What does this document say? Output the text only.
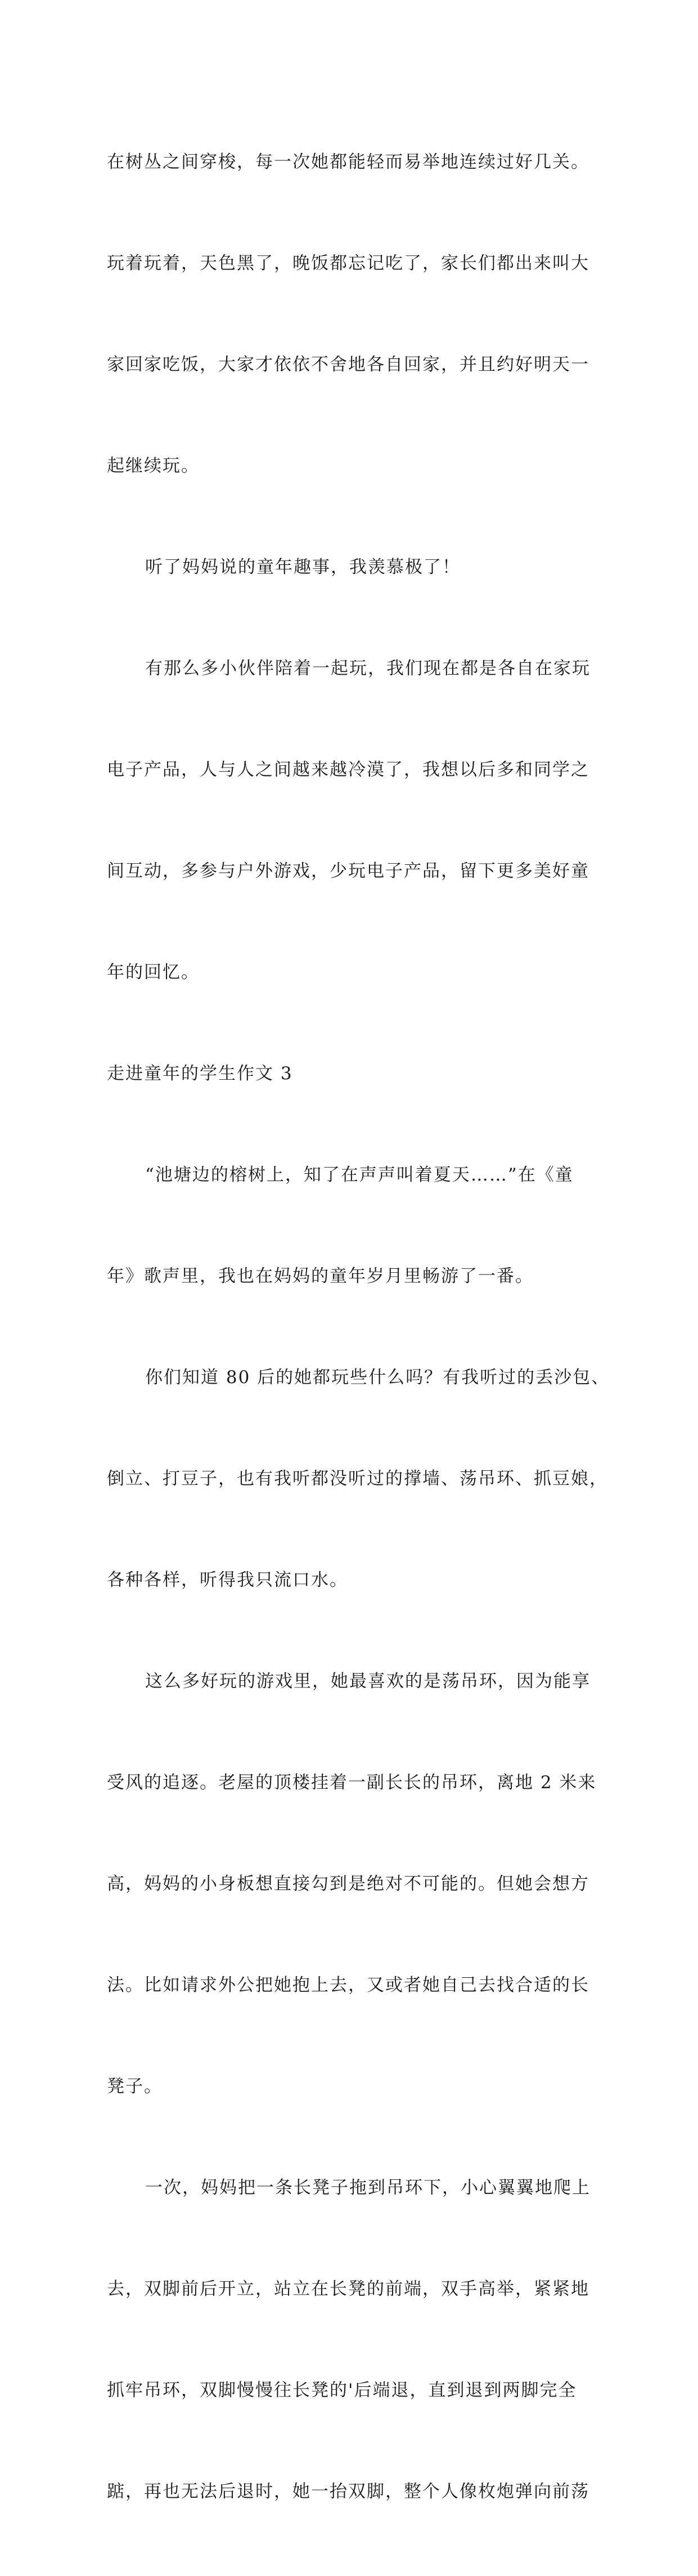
在树丛之间穿梭，每一次她都能轻而易举地连续过好几关。

玩着玩着，天色黑了，晚饭都忘记吃了，家长们都出来叫大

家回家吃饭，大家才依依不舍地各自回家，并且约好明天一

起继续玩。

听了妈妈说的童年趣事，我羡慕极了！

有那么多小伙伴陪着一起玩，我们现在都是各自在家玩

电子产品，人与人之间越来越冷漠了，我想以后多和同学之

间互动，多参与户外游戏，少玩电子产品，留下更多美好童

年的回忆。

走进童年的学生作文 3

“池塘边的榕树上，知了在声声叫着夏天……”在《童

年》歌声里，我也在妈妈的童年岁月里畅游了一番。

你们知道 80 后的她都玩些什么吗？有我听过的丢沙包、

倒立、打豆子，也有我听都没听过的撑墙、荡吊环、抓豆娘，

各种各样，听得我只流口水。

这么多好玩的游戏里，她最喜欢的是荡吊环，因为能享

受风的追逐。老屋的顶楼挂着一副长长的吊环，离地 2 米来

高，妈妈的小身板想直接勾到是绝对不可能的。但她会想方

法。比如请求外公把她抱上去，又或者她自己去找合适的长

凳子。

一次，妈妈把一条长凳子拖到吊环下，小心翼翼地爬上

去，双脚前后开立，站立在长凳的前端，双手高举，紧紧地

抓牢吊环，双脚慢慢往长凳的'后端退，直到退到两脚完全

踮，再也无法后退时，她一抬双脚，整个人像枚炮弹向前荡
